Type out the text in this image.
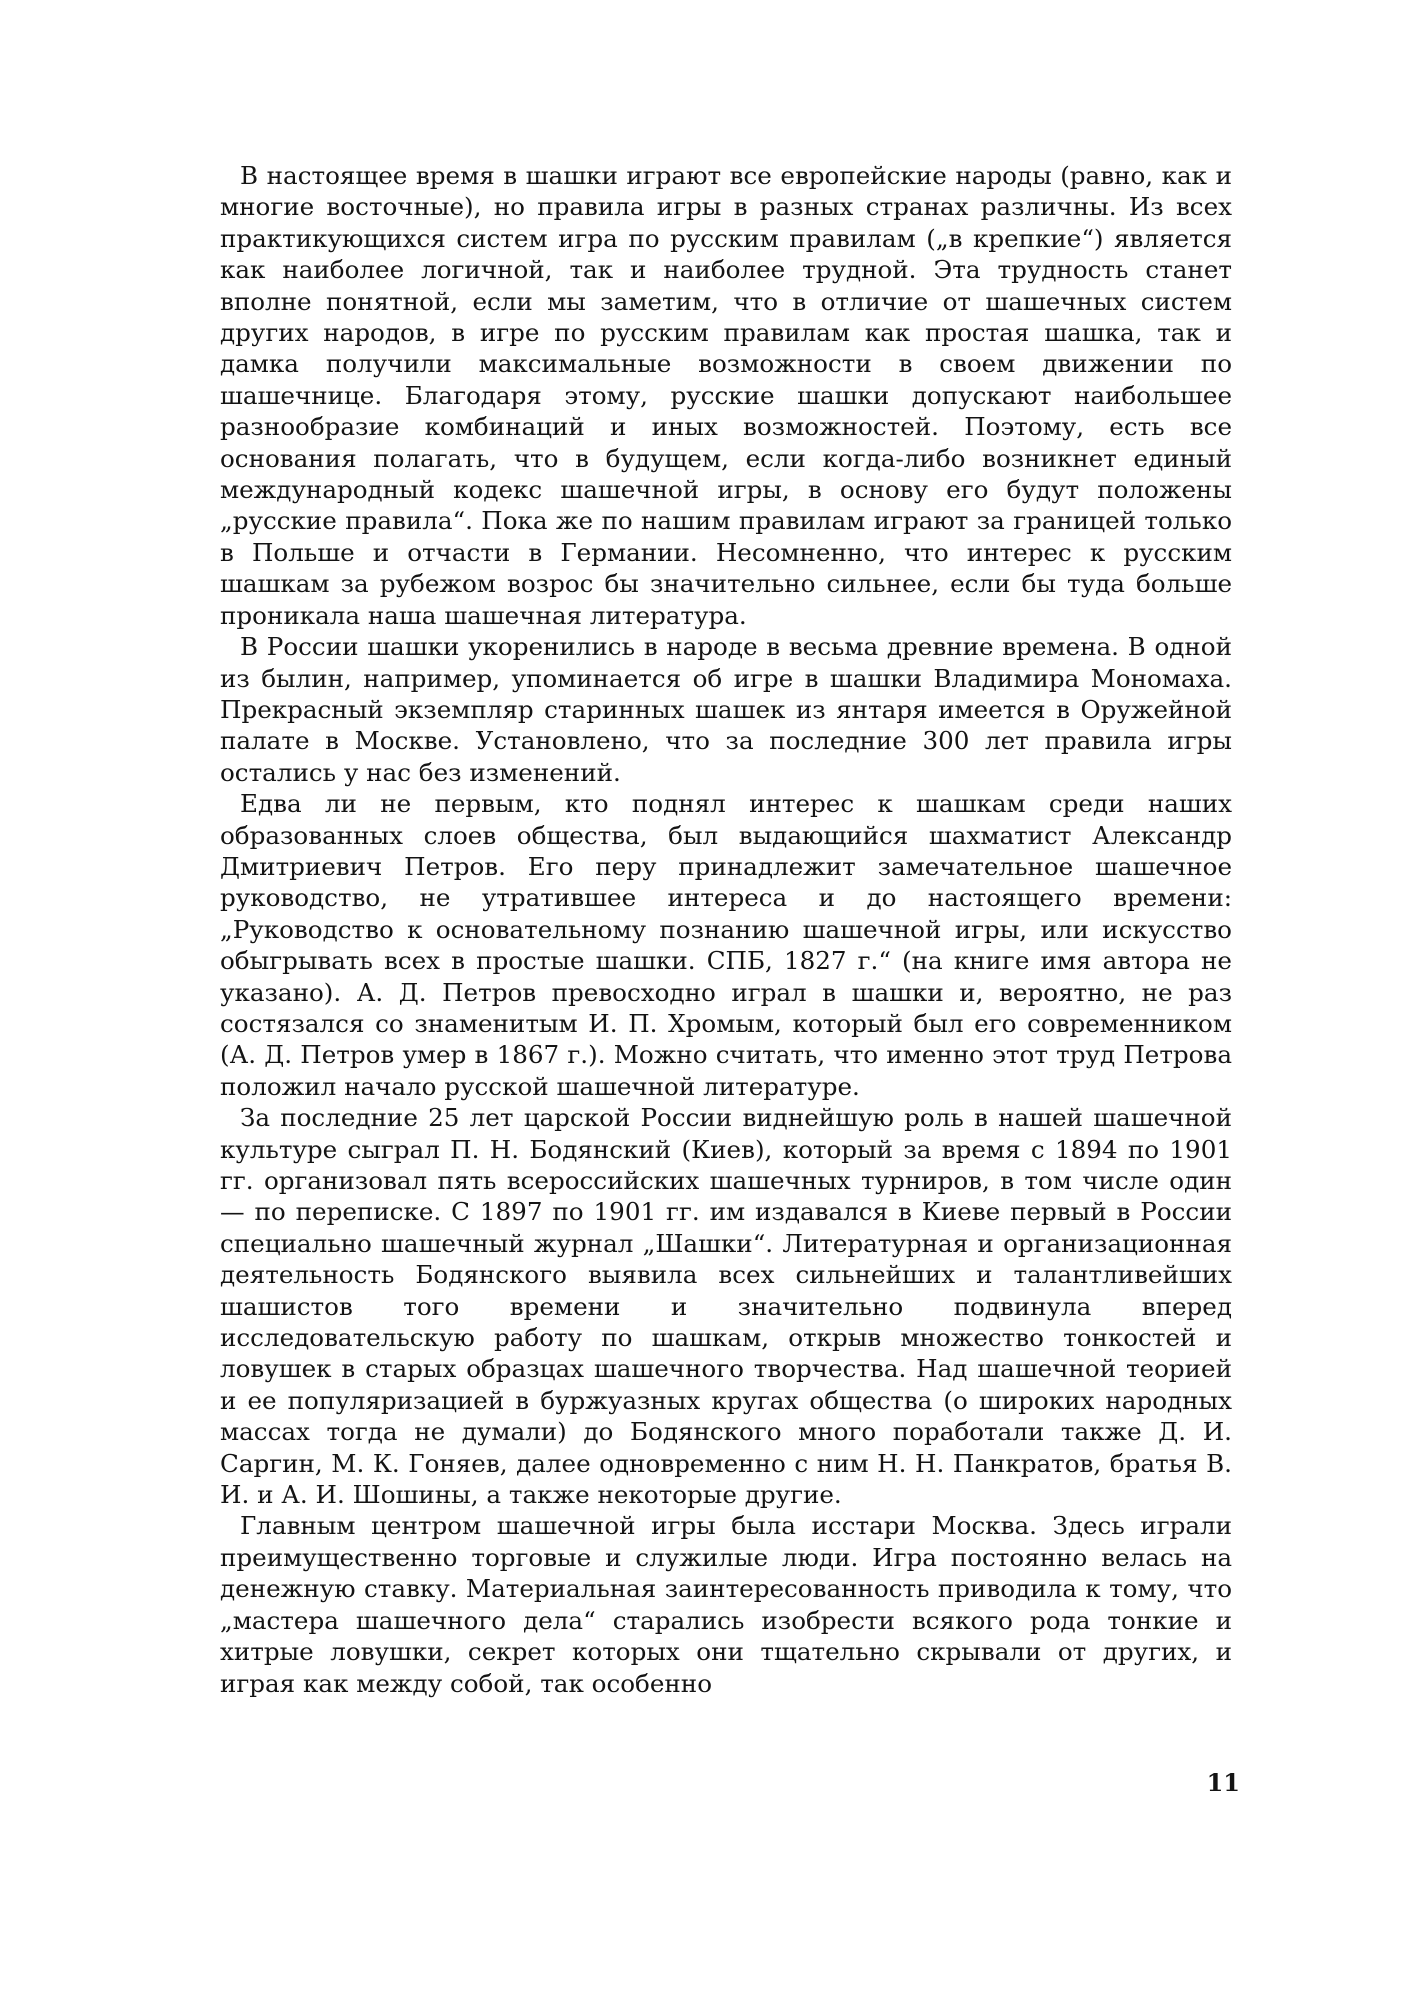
В настоящее время в шашки играют все европейские народы (равно, как и многие восточные), но правила игры в разных странах различны. Из всех практикующихся систем игра по русским правилам („в крепкие“) является как наиболее логичной, так и наиболее трудной. Эта трудность станет вполне понятной, если мы заметим, что в отличие от шашечных систем других народов, в игре по русским правилам как простая шашка, так и дамка получили максимальные возможности в своем движении по шашечнице. Благодаря этому, русские шашки допускают наибольшее разнообразие комбинаций и иных возможностей. Поэтому, есть все основания полагать, что в будущем, если когда-либо возникнет единый международный кодекс шашечной игры, в основу его будут положены „русские правила“. Пока же по нашим правилам играют за границей только в Польше и отчасти в Германии. Несомненно, что интерес к русским шашкам за рубежом возрос бы значительно сильнее, если бы туда больше проникала наша шашечная литература.

В России шашки укоренились в народе в весьма древние времена. В одной из былин, например, упоминается об игре в шашки Владимира Мономаха. Прекрасный экземпляр старинных шашек из янтаря имеется в Оружейной палате в Москве. Установлено, что за последние 300 лет правила игры остались у нас без изменений.

Едва ли не первым, кто поднял интерес к шашкам среди наших образованных слоев общества, был выдающийся шахматист Александр Дмитриевич Петров. Его перу принадлежит замечательное шашечное руководство, не утратившее интереса и до настоящего времени: „Руководство к основательному познанию шашечной игры, или искусство обыгрывать всех в простые шашки. СПБ, 1827 г.“ (на книге имя автора не указано). А. Д. Петров превосходно играл в шашки и, вероятно, не раз состязался со знаменитым И. П. Хромым, который был его современником (А. Д. Петров умер в 1867 г.). Можно считать, что именно этот труд Петрова положил начало русской шашечной литературе.

За последние 25 лет царской России виднейшую роль в нашей шашечной культуре сыграл П. Н. Бодянский (Киев), который за время с 1894 по 1901 гг. организовал пять всероссийских шашечных турниров, в том числе один — по переписке. С 1897 по 1901 гг. им издавался в Киеве первый в России специально шашечный журнал „Шашки“. Литературная и организационная деятельность Бодянского выявила всех сильнейших и талантливейших шашистов того времени и значительно подвинула вперед исследовательскую работу по шашкам, открыв множество тонкостей и ловушек в старых образцах шашечного творчества. Над шашечной теорией и ее популяризацией в буржуазных кругах общества (о широких народных массах тогда не думали) до Бодянского много поработали также Д. И. Саргин, М. К. Гоняев, далее одновременно с ним Н. Н. Панкратов, братья В. И. и А. И. Шошины, а также некоторые другие.

Главным центром шашечной игры была исстари Москва. Здесь играли преимущественно торговые и служилые люди. Игра постоянно велась на денежную ставку. Материальная заинтересованность приводила к тому, что „мастера шашечного дела“ старались изобрести всякого рода тонкие и хитрые ловушки, секрет которых они тщательно скрывали от других, и играя как между собой, так особенно

11
